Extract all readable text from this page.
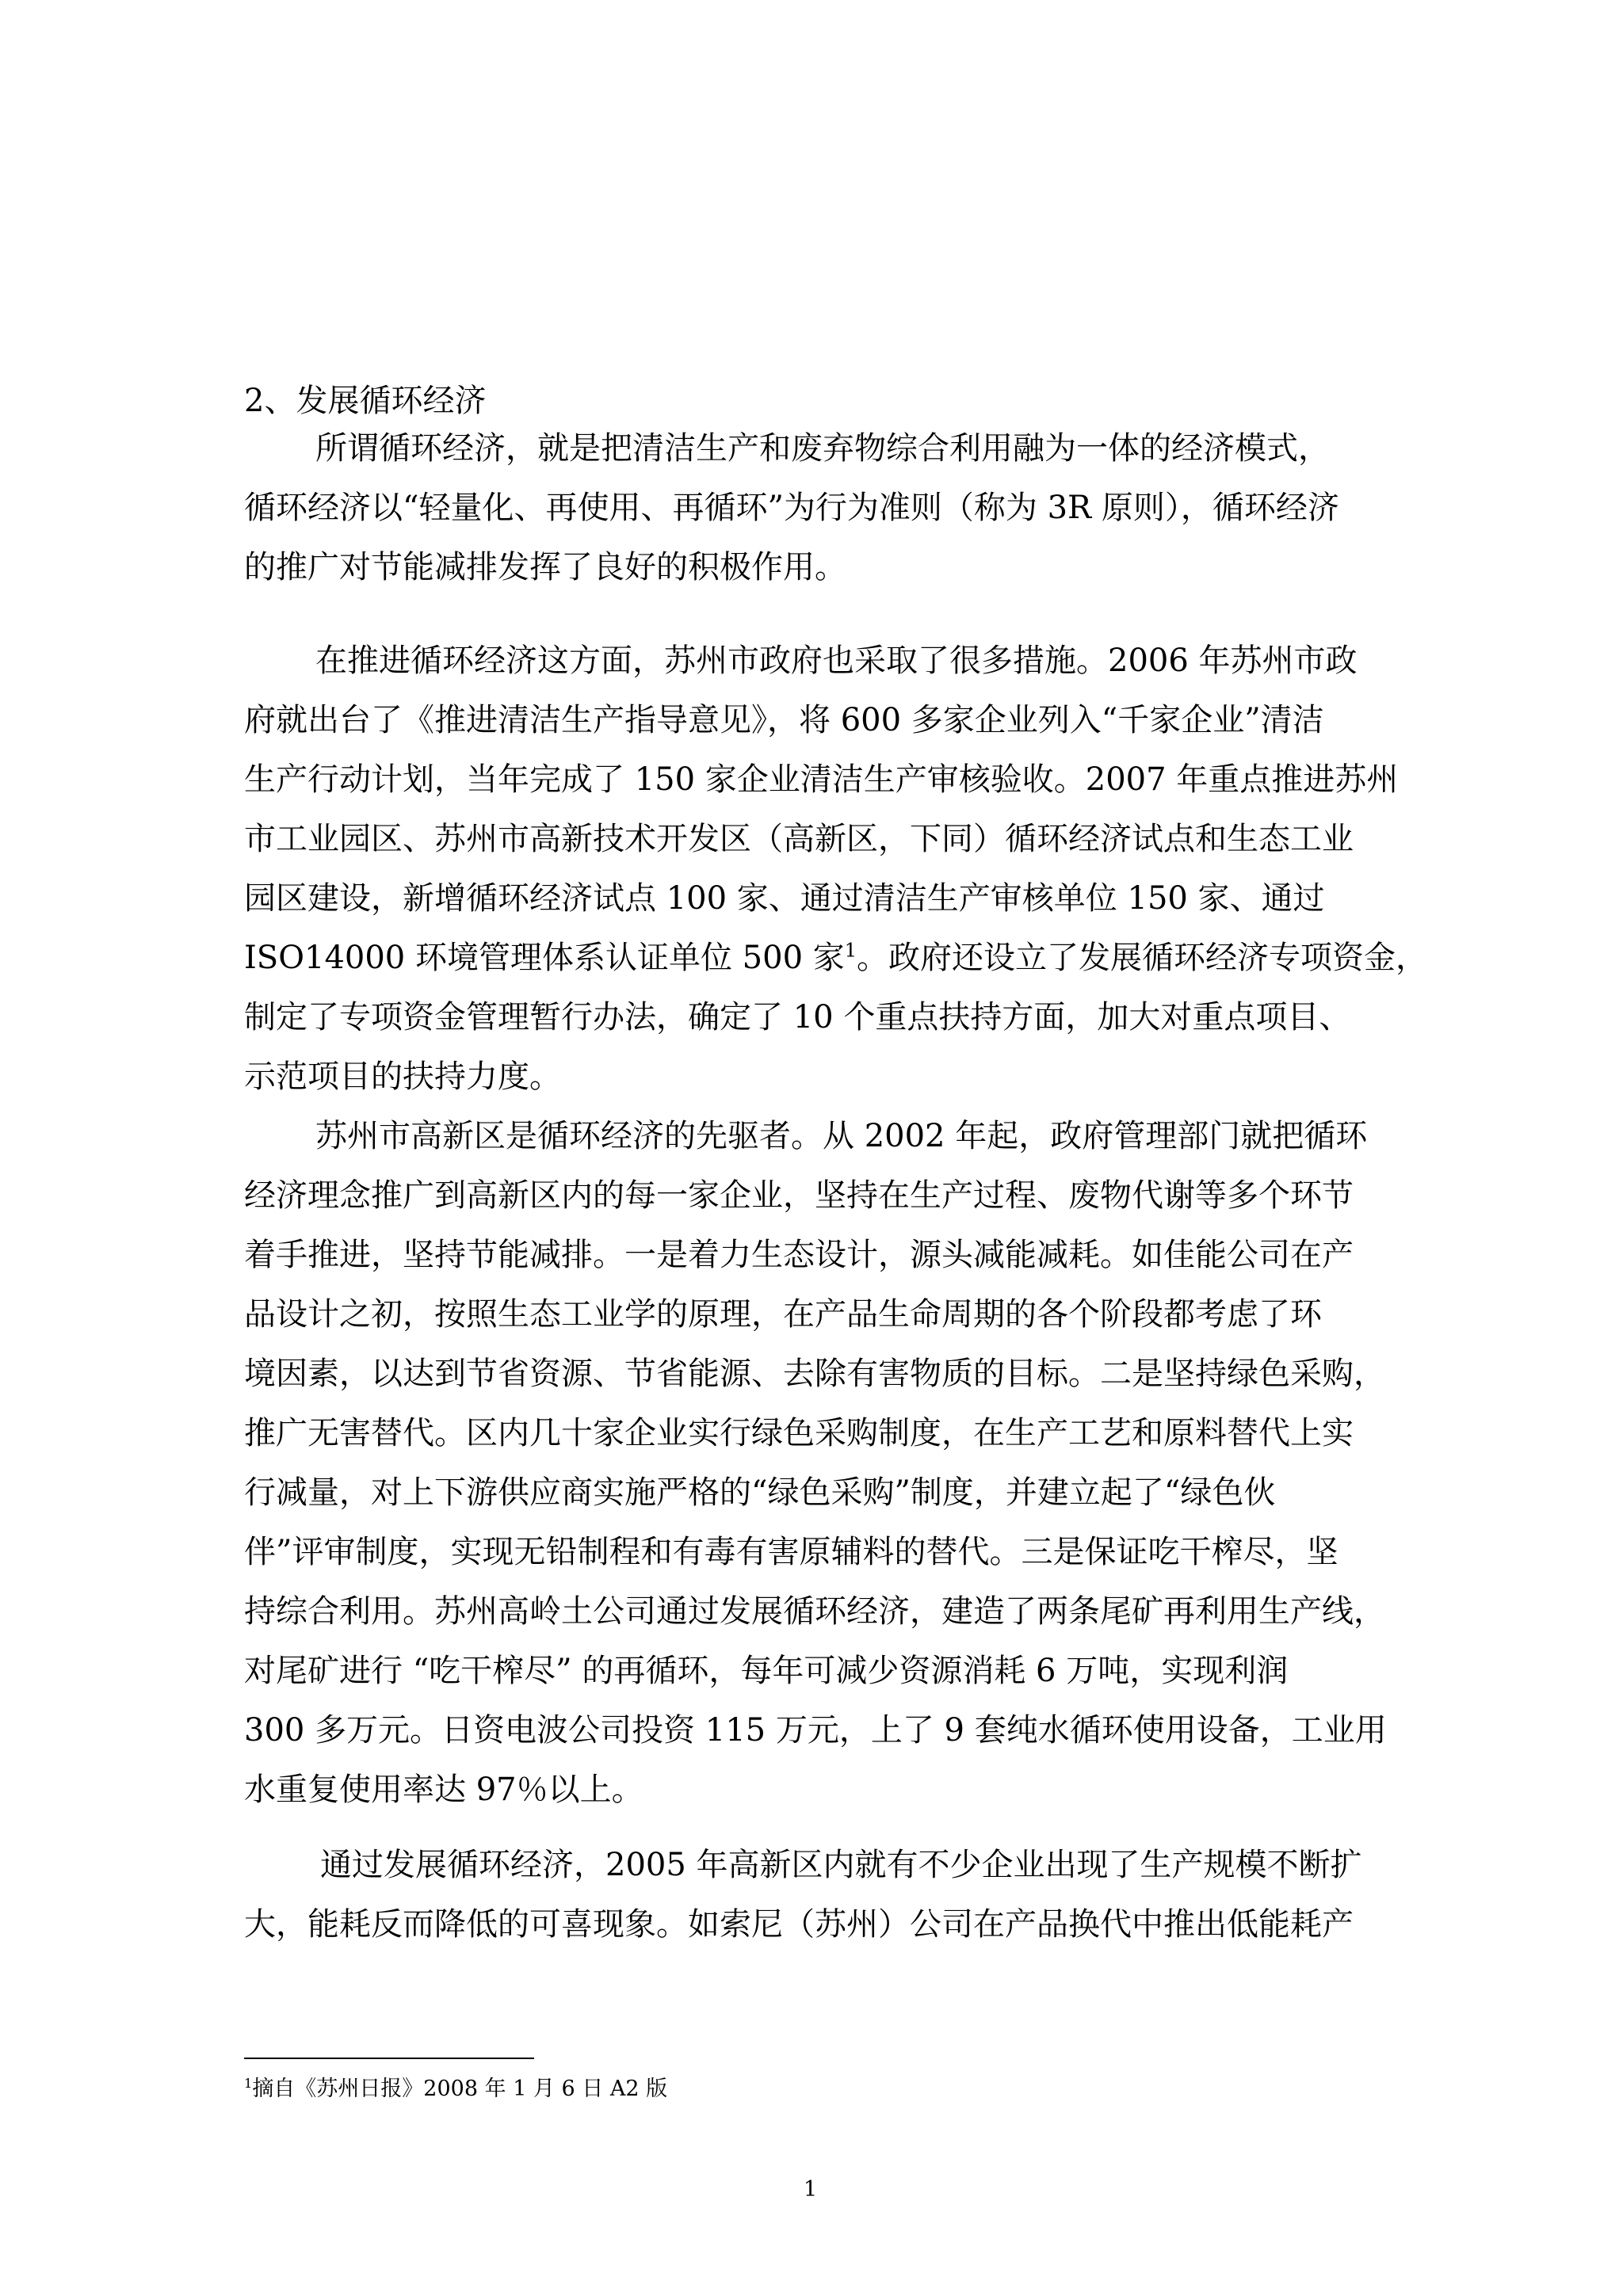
2、发展循环经济
所谓循环经济，就是把清洁生产和废弃物综合利用融为一体的经济模式，
循环经济以“轻量化、再使用、再循环”为行为准则（称为 3R 原则），循环经济
的推广对节能减排发挥了良好的积极作用。
在推进循环经济这方面，苏州市政府也采取了很多措施。2006 年苏州市政
府就出台了《推进清洁生产指导意见》，将 600 多家企业列入“千家企业”清洁
生产行动计划，当年完成了 150 家企业清洁生产审核验收。2007 年重点推进苏州
市工业园区、苏州市高新技术开发区（高新区，下同）循环经济试点和生态工业
园区建设，新增循环经济试点 100 家、通过清洁生产审核单位 150 家、通过
ISO14000 环境管理体系认证单位 500 家$^1$。政府还设立了发展循环经济专项资金，
制定了专项资金管理暂行办法，确定了 10 个重点扶持方面，加大对重点项目、
示范项目的扶持力度。
苏州市高新区是循环经济的先驱者。从 2002 年起，政府管理部门就把循环
经济理念推广到高新区内的每一家企业，坚持在生产过程、废物代谢等多个环节
着手推进，坚持节能减排。一是着力生态设计，源头减能减耗。如佳能公司在产
品设计之初，按照生态工业学的原理，在产品生命周期的各个阶段都考虑了环
境因素，以达到节省资源、节省能源、去除有害物质的目标。二是坚持绿色采购，
推广无害替代。区内几十家企业实行绿色采购制度，在生产工艺和原料替代上实
行减量，对上下游供应商实施严格的“绿色采购”制度，并建立起了“绿色伙
伴”评审制度，实现无铅制程和有毒有害原辅料的替代。三是保证吃干榨尽，坚
持综合利用。苏州高岭土公司通过发展循环经济，建造了两条尾矿再利用生产线，
对尾矿进行 “吃干榨尽” 的再循环，每年可减少资源消耗 6 万吨，实现利润
300 多万元。日资电波公司投资 115 万元，上了 9 套纯水循环使用设备，工业用
水重复使用率达 97％以上。
通过发展循环经济，2005 年高新区内就有不少企业出现了生产规模不断扩
大，能耗反而降低的可喜现象。如索尼（苏州）公司在产品换代中推出低能耗产
$^1$摘自《苏州日报》2008 年 1 月 6 日 A2 版
1
